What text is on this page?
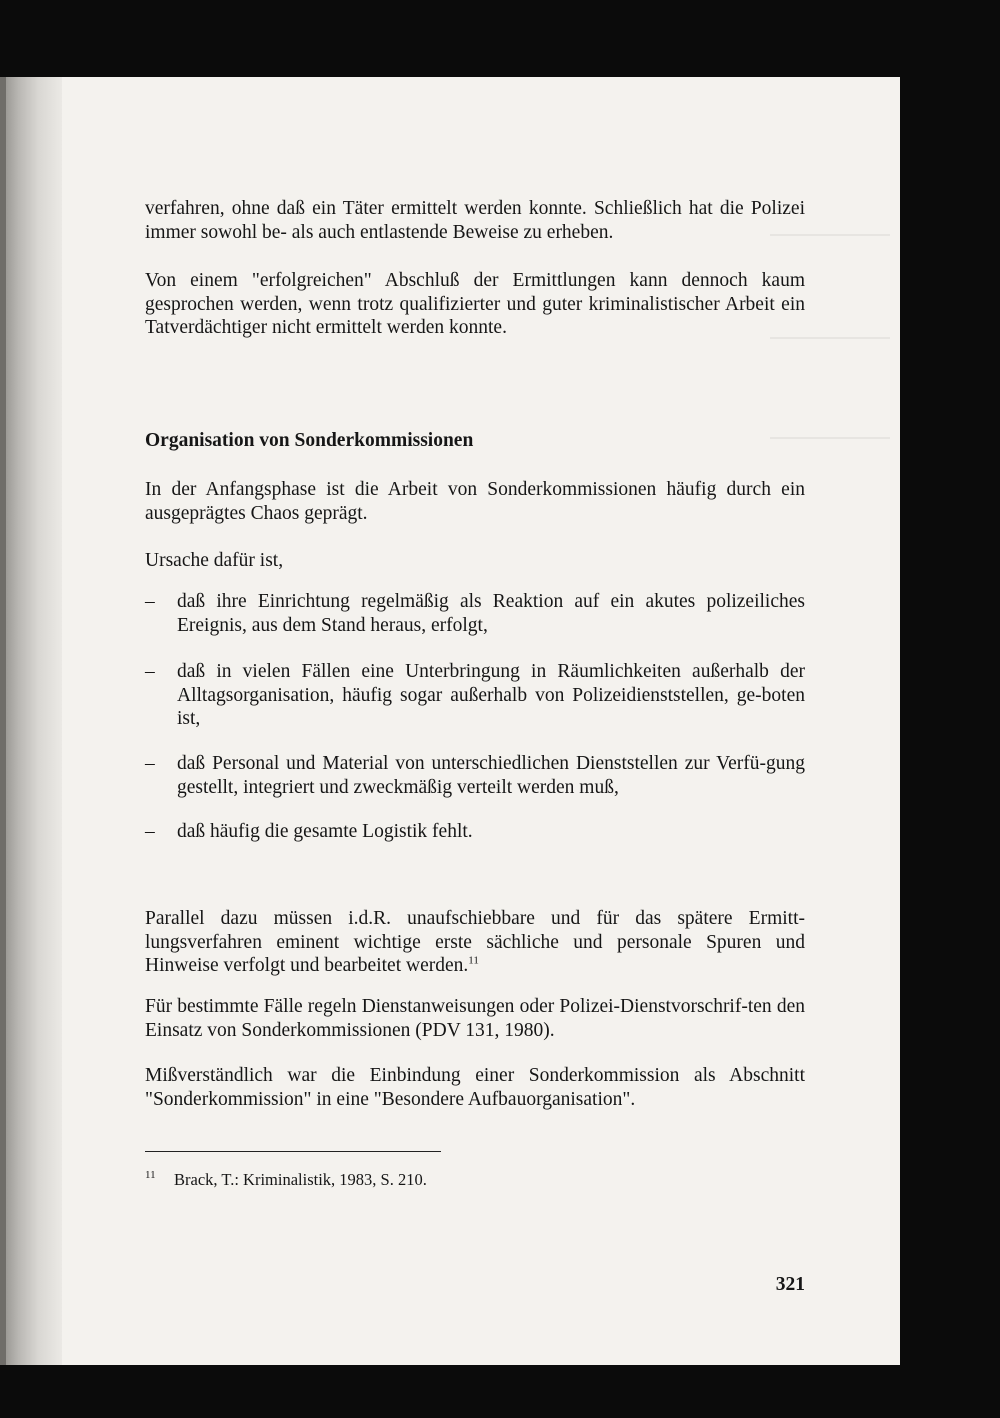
verfahren, ohne daß ein Täter ermittelt werden konnte. Schließlich hat die Polizei immer sowohl be- als auch entlastende Beweise zu erheben.

Von einem "erfolgreichen" Abschluß der Ermittlungen kann dennoch kaum gesprochen werden, wenn trotz qualifizierter und guter kriminalistischer Arbeit ein Tatverdächtiger nicht ermittelt werden konnte.

Organisation von Sonderkommissionen

In der Anfangsphase ist die Arbeit von Sonderkommissionen häufig durch ein ausgeprägtes Chaos geprägt.

Ursache dafür ist,

–	daß ihre Einrichtung regelmäßig als Reaktion auf ein akutes polizeiliches Ereignis, aus dem Stand heraus, erfolgt,
–	daß in vielen Fällen eine Unterbringung in Räumlichkeiten außerhalb der Alltagsorganisation, häufig sogar außerhalb von Polizeidienststellen, ge-boten ist,
–	daß Personal und Material von unterschiedlichen Dienststellen zur Verfü-gung gestellt, integriert und zweckmäßig verteilt werden muß,
–	daß häufig die gesamte Logistik fehlt.

Parallel dazu müssen i.d.R. unaufschiebbare und für das spätere Ermitt-lungsverfahren eminent wichtige erste sächliche und personale Spuren und Hinweise verfolgt und bearbeitet werden.$^{11}$

Für bestimmte Fälle regeln Dienstanweisungen oder Polizei-Dienstvorschrif-ten den Einsatz von Sonderkommissionen (PDV 131, 1980).

Mißverständlich war die Einbindung einer Sonderkommission als Abschnitt "Sonderkommission" in eine "Besondere Aufbauorganisation".

11 Brack, T.: Kriminalistik, 1983, S. 210.
321
